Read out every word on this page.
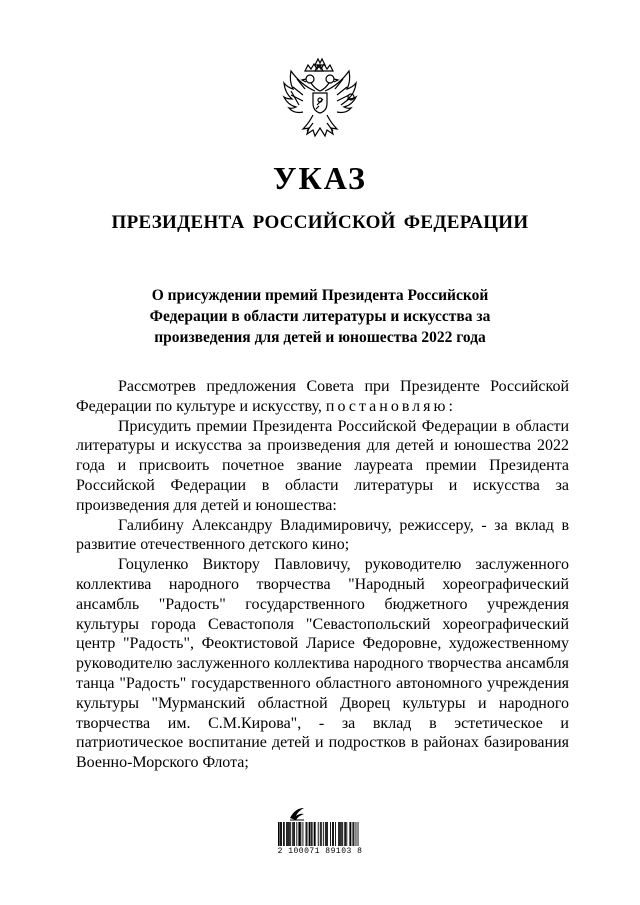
УКАЗ
ПРЕЗИДЕНТА РОССИЙСКОЙ ФЕДЕРАЦИИ
О присуждении премий Президента Российской
Федерации в области литературы и искусства за
произведения для детей и юношества 2022 года

Рассмотрев предложения Совета при Президенте Российской Федерации по культуре и искусству, постановляю:

Присудить премии Президента Российской Федерации в области литературы и искусства за произведения для детей и юношества 2022 года и присвоить почетное звание лауреата премии Президента Российской Федерации в области литературы и искусства за произведения для детей и юношества:

Галибину Александру Владимировичу, режиссеру, - за вклад в развитие отечественного детского кино;

Гоцуленко Виктору Павловичу, руководителю заслуженного коллектива народного творчества "Народный хореографический ансамбль "Радость" государственного бюджетного учреждения культуры города Севастополя "Севастопольский хореографический центр "Радость", Феоктистовой Ларисе Федоровне, художественному руководителю заслуженного коллектива народного творчества ансамбля танца "Радость" государственного областного автономного учреждения культуры "Мурманский областной Дворец культуры и народного творчества им. С.М.Кирова", - за вклад в эстетическое и патриотическое воспитание детей и подростков в районах базирования Военно-Морского Флота;

2 100071 89103 8
